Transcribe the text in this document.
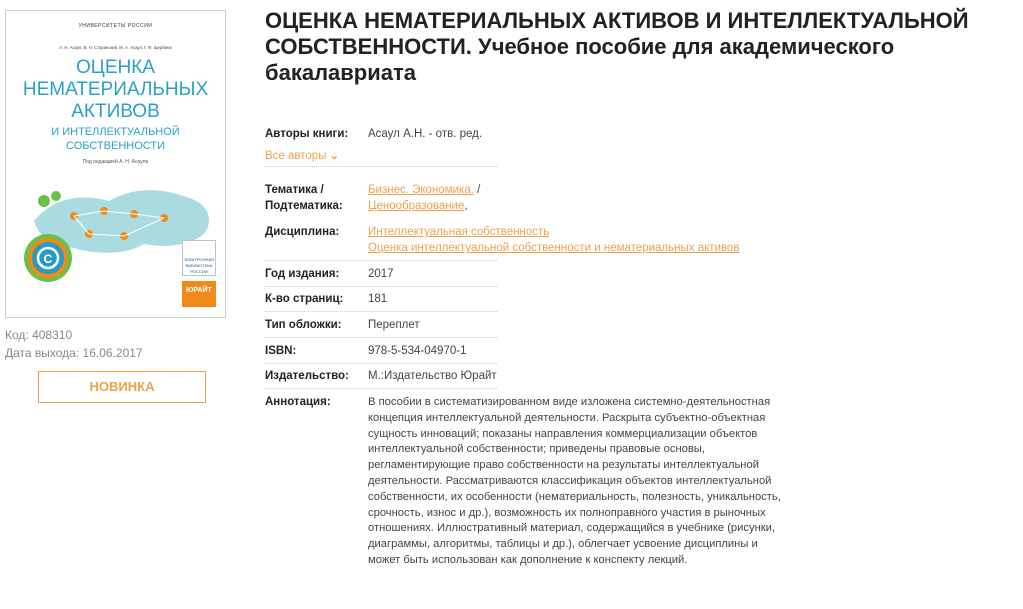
УНИВЕРСИТЕТЫ РОССИИ
А. Н. Асаул, В. Н. Старинский, М. А. Асаул, Г. Ф. Щербина
ОЦЕНКА
НЕМАТЕРИАЛЬНЫХ
АКТИВОВ
И ИНТЕЛЛЕКТУАЛЬНОЙ
СОБСТВЕННОСТИ
Под редакцией А. Н. Асаула
C	ЭЛЕКТРОННАЯ БИБЛИОТЕКА РОССИИ
ЮРАЙТ
Код: 408310
Дата выхода: 16.06.2017
НОВИНКА
ОЦЕНКА НЕМАТЕРИАЛЬНЫХ АКТИВОВ И ИНТЕЛЛЕКТУАЛЬНОЙ СОБСТВЕННОСТИ. Учебное пособие для академического бакалавриата
Авторы книги: Асаул А.Н. - отв. ред.
Все авторы ⌄
Тематика /
Подтематика:
Бизнес. Экономика. /
Ценообразование,
Дисциплина: Интеллектуальная собственность
Оценка интеллектуальной собственности и нематериальных активов
Год издания: 2017
К-во страниц: 181
Тип обложки: Переплет
ISBN:	978-5-534-04970-1
Издательство: М.:Издательство Юрайт
Аннотация:	В пособии в систематизированном виде изложена системно-деятельностная концепция интеллектуальной деятельности. Раскрыта субъектно-объектная сущность инноваций; показаны направления коммерциализации объектов интеллектуальной собственности; приведены правовые основы, регламентирующие право собственности на результаты интеллектуальной деятельности. Рассматриваются классификация объектов интеллектуальной собственности, их особенности (нематериальность, полезность, уникальность, срочность, износ и др.), возможность их полноправного участия в рыночных отношениях. Иллюстративный материал, содержащийся в учебнике (рисунки, диаграммы, алгоритмы, таблицы и др.), облегчает усвоение дисциплины и может быть использован как дополнение к конспекту лекций.
